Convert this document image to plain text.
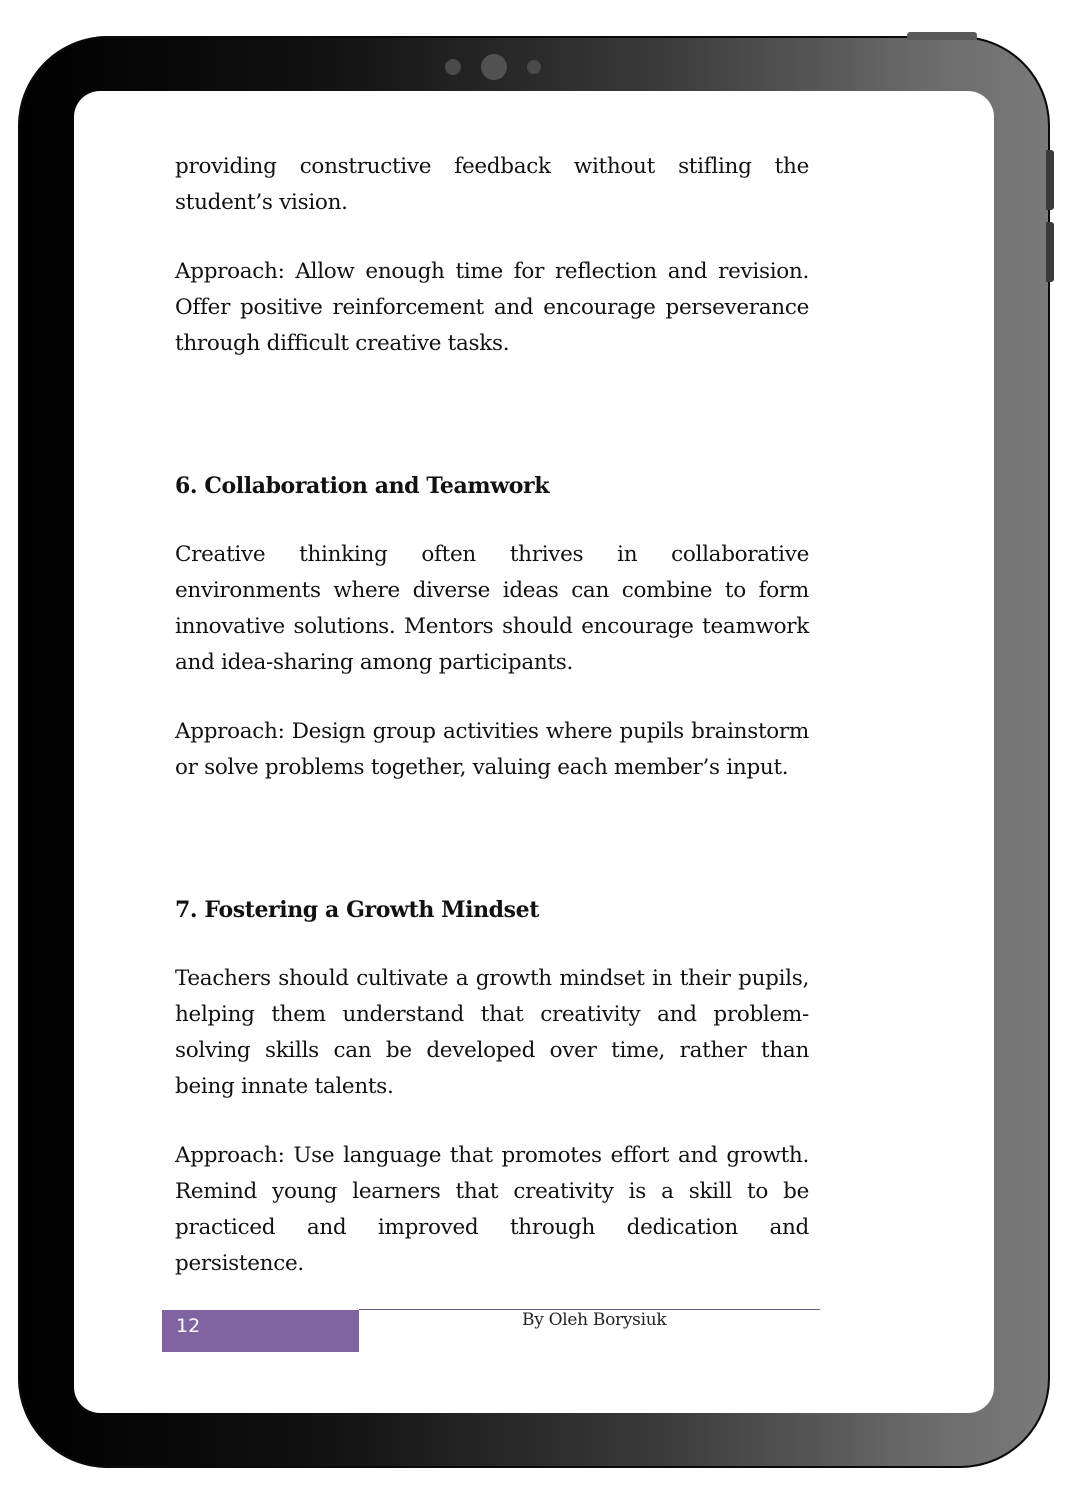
providing constructive feedback without stifling the student’s vision.

Approach: Allow enough time for reflection and revision. Offer positive reinforcement and encourage perseverance through difficult creative tasks.

6. Collaboration and Teamwork

Creative thinking often thrives in collaborative environments where diverse ideas can combine to form innovative solutions. Mentors should encourage teamwork and idea-sharing among participants.

Approach: Design group activities where pupils brainstorm or solve problems together, valuing each member’s input.

7. Fostering a Growth Mindset

Teachers should cultivate a growth mindset in their pupils, helping them understand that creativity and problem-solving skills can be developed over time, rather than being innate talents.

Approach: Use language that promotes effort and growth. Remind young learners that creativity is a skill to be practiced and improved through dedication and persistence.

12	By Oleh Borysiuk
